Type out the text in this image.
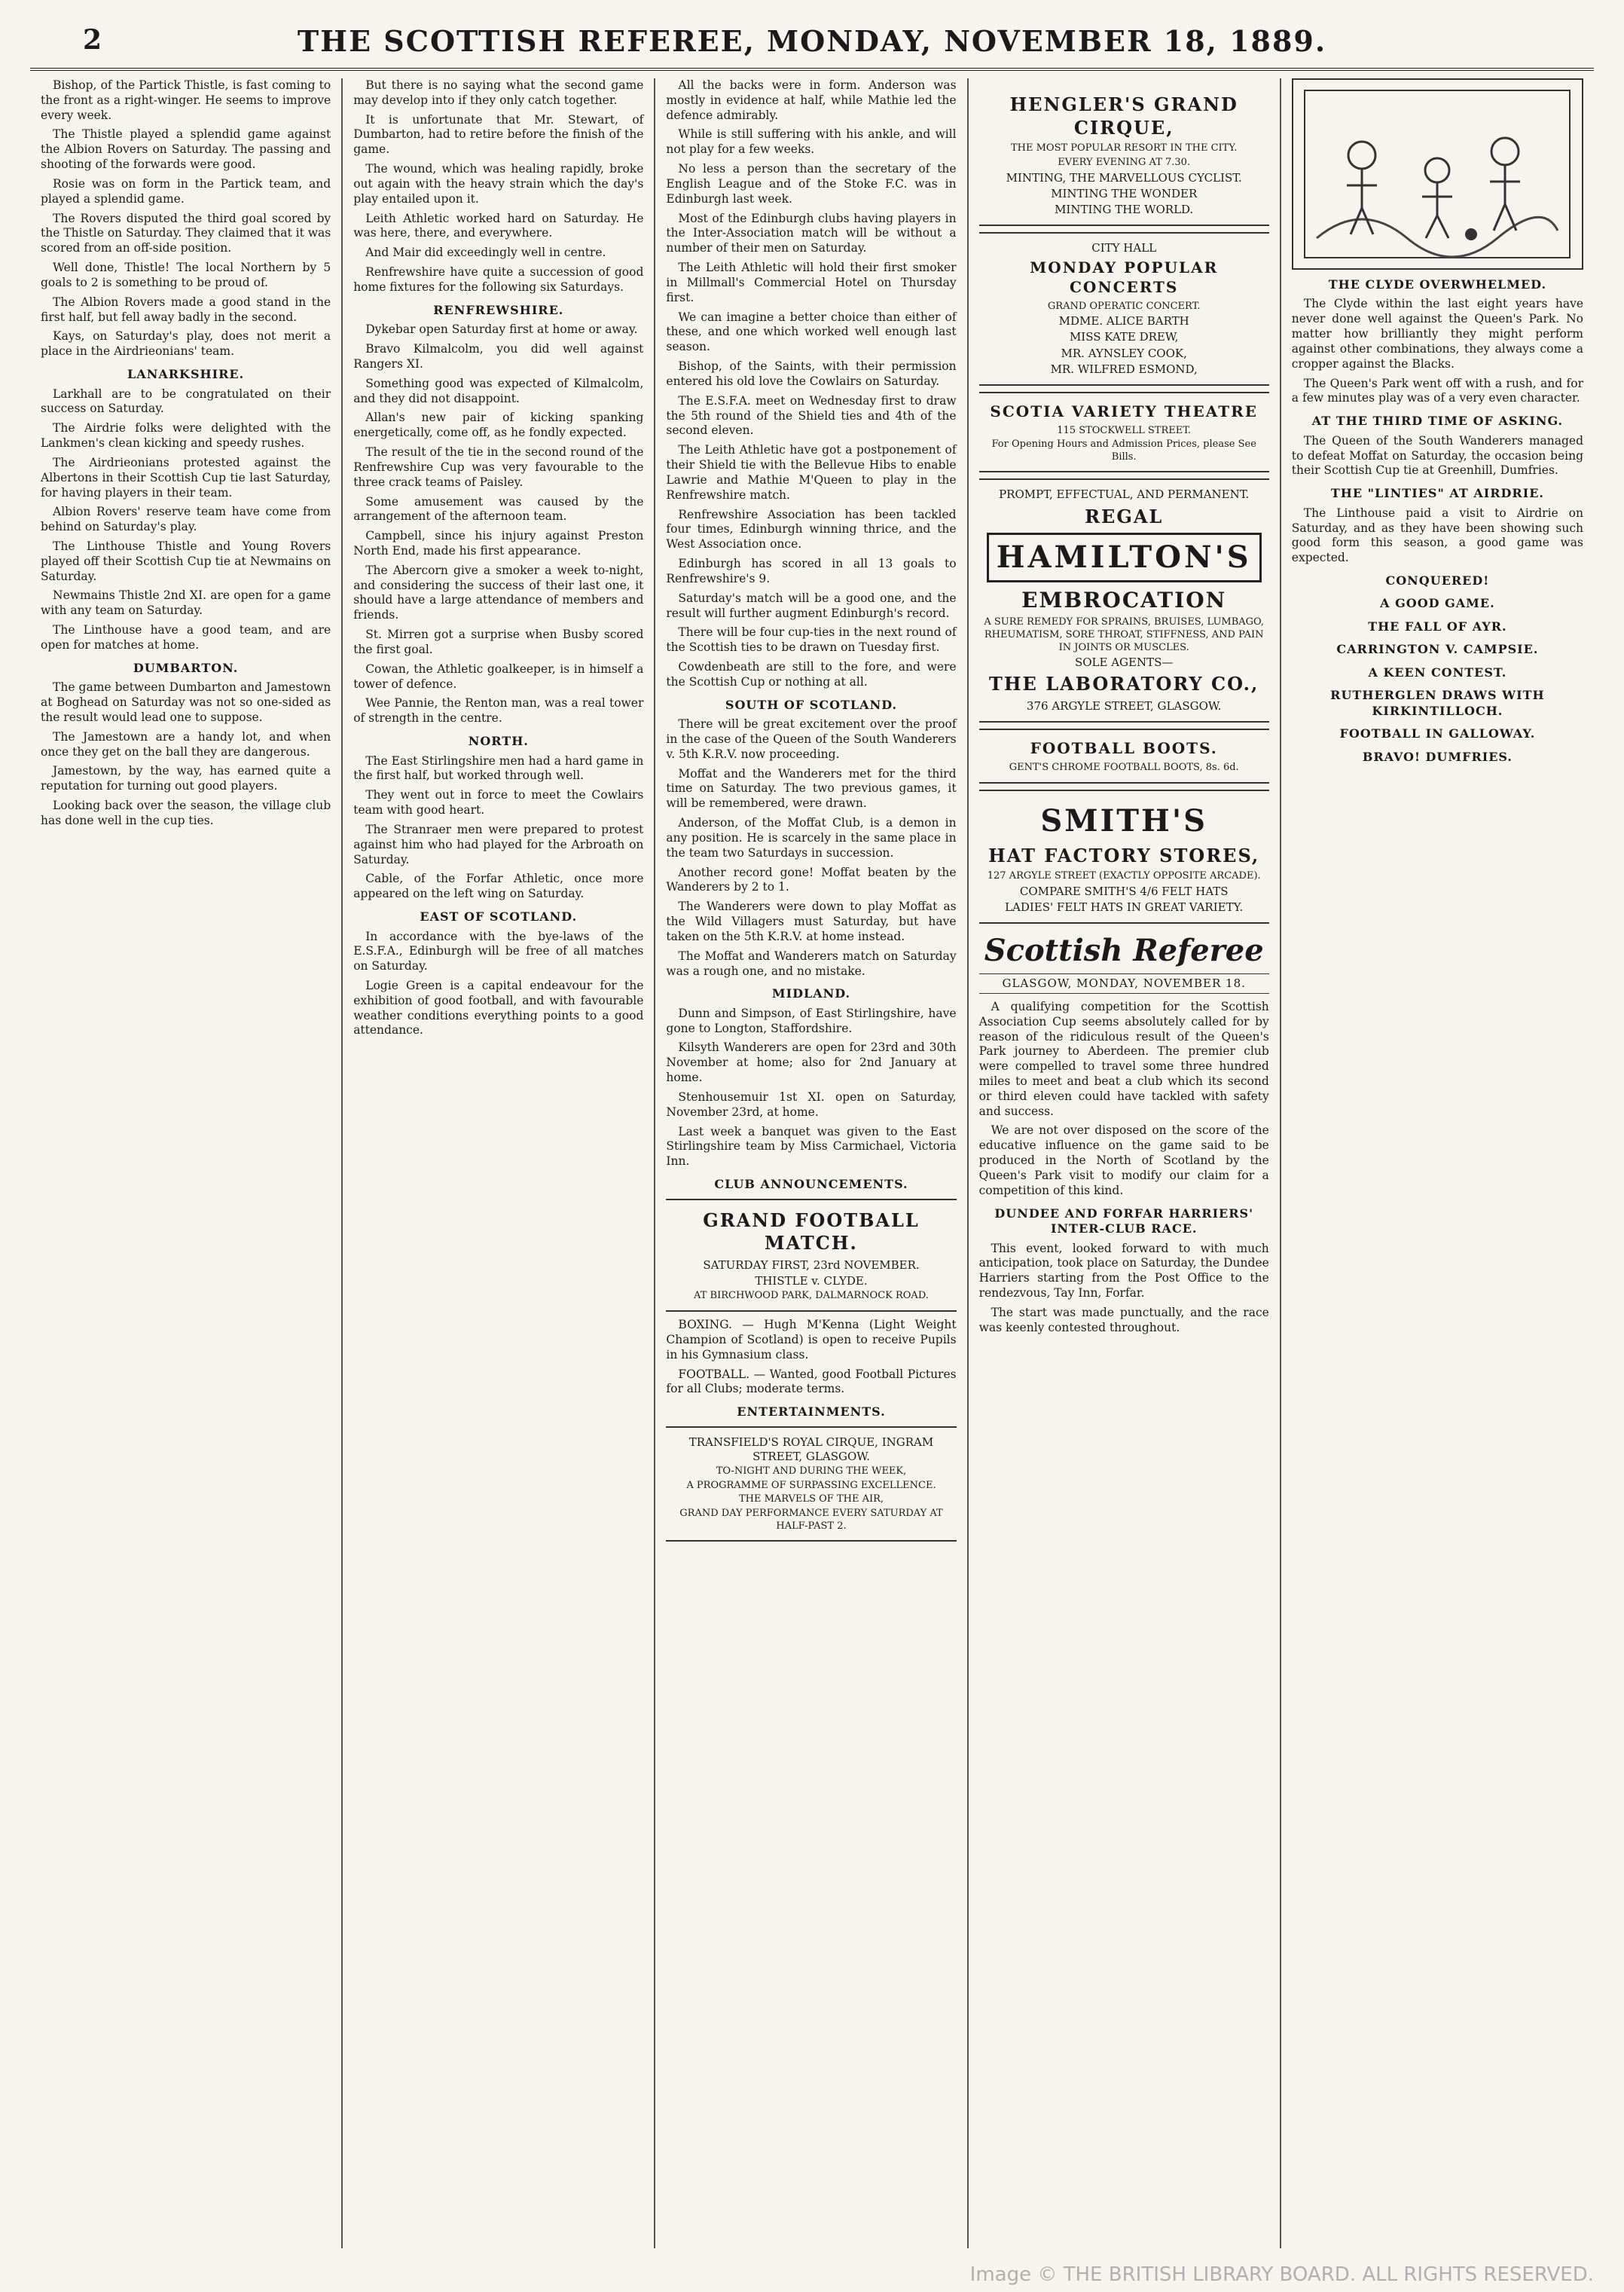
2	THE SCOTTISH REFEREE, MONDAY, NOVEMBER 18, 1889.

Bishop, of the Partick Thistle, is fast coming to the front as a right-winger. He seems to improve every week.

The Thistle played a splendid game against the Albion Rovers on Saturday. The passing and shooting of the forwards were good.

Rosie was on form in the Partick team, and played a splendid game.

The Rovers disputed the third goal scored by the Thistle on Saturday. They claimed that it was scored from an off-side position.

Well done, Thistle! The local Northern by 5 goals to 2 is something to be proud of.

The Albion Rovers made a good stand in the first half, but fell away badly in the second.

Kays, on Saturday's play, does not merit a place in the Airdrieonians' team.

LANARKSHIRE.

Larkhall are to be congratulated on their success on Saturday.

The Airdrie folks were delighted with the Lankmen's clean kicking and speedy rushes.

The Airdrieonians protested against the Albertons in their Scottish Cup tie last Saturday, for having players in their team.

Albion Rovers' reserve team have come from behind on Saturday's play.

The Linthouse Thistle and Young Rovers played off their Scottish Cup tie at Newmains on Saturday.

Newmains Thistle 2nd XI. are open for a game with any team on Saturday.

The Linthouse have a good team, and are open for matches at home.

DUMBARTON.

The game between Dumbarton and Jamestown at Boghead on Saturday was not so one-sided as the result would lead one to suppose.

The Jamestown are a handy lot, and when once they get on the ball they are dangerous.

Jamestown, by the way, has earned quite a reputation for turning out good players.

Looking back over the season, the village club has done well in the cup ties.

But there is no saying what the second game may develop into if they only catch together.

It is unfortunate that Mr. Stewart, of Dumbarton, had to retire before the finish of the game.

The wound, which was healing rapidly, broke out again with the heavy strain which the day's play entailed upon it.

Leith Athletic worked hard on Saturday. He was here, there, and everywhere.

And Mair did exceedingly well in centre.

Renfrewshire have quite a succession of good home fixtures for the following six Saturdays.

RENFREWSHIRE.

Dykebar open Saturday first at home or away.

Bravo Kilmalcolm, you did well against Rangers XI.

Something good was expected of Kilmalcolm, and they did not disappoint.

Allan's new pair of kicking spanking energetically, come off, as he fondly expected.

The result of the tie in the second round of the Renfrewshire Cup was very favourable to the three crack teams of Paisley.

Some amusement was caused by the arrangement of the afternoon team.

Campbell, since his injury against Preston North End, made his first appearance.

The Abercorn give a smoker a week to-night, and considering the success of their last one, it should have a large attendance of members and friends.

St. Mirren got a surprise when Busby scored the first goal.

Cowan, the Athletic goalkeeper, is in himself a tower of defence.

Wee Pannie, the Renton man, was a real tower of strength in the centre.

NORTH.

The East Stirlingshire men had a hard game in the first half, but worked through well.

They went out in force to meet the Cowlairs team with good heart.

The Stranraer men were prepared to protest against him who had played for the Arbroath on Saturday.

Cable, of the Forfar Athletic, once more appeared on the left wing on Saturday.

EAST OF SCOTLAND.

In accordance with the bye-laws of the E.S.F.A., Edinburgh will be free of all matches on Saturday.

Logie Green is a capital endeavour for the exhibition of good football, and with favourable weather conditions everything points to a good attendance.

All the backs were in form. Anderson was mostly in evidence at half, while Mathie led the defence admirably.

While is still suffering with his ankle, and will not play for a few weeks.

No less a person than the secretary of the English League and of the Stoke F.C. was in Edinburgh last week.

Most of the Edinburgh clubs having players in the Inter-Association match will be without a number of their men on Saturday.

The Leith Athletic will hold their first smoker in Millmall's Commercial Hotel on Thursday first.

We can imagine a better choice than either of these, and one which worked well enough last season.

Bishop, of the Saints, with their permission entered his old love the Cowlairs on Saturday.

The E.S.F.A. meet on Wednesday first to draw the 5th round of the Shield ties and 4th of the second eleven.

The Leith Athletic have got a postponement of their Shield tie with the Bellevue Hibs to enable Lawrie and Mathie M'Queen to play in the Renfrewshire match.

Renfrewshire Association has been tackled four times, Edinburgh winning thrice, and the West Association once.

Edinburgh has scored in all 13 goals to Renfrewshire's 9.

Saturday's match will be a good one, and the result will further augment Edinburgh's record.

There will be four cup-ties in the next round of the Scottish ties to be drawn on Tuesday first.

Cowdenbeath are still to the fore, and were the Scottish Cup or nothing at all.

SOUTH OF SCOTLAND.

There will be great excitement over the proof in the case of the Queen of the South Wanderers v. 5th K.R.V. now proceeding.

Moffat and the Wanderers met for the third time on Saturday. The two previous games, it will be remembered, were drawn.

Anderson, of the Moffat Club, is a demon in any position. He is scarcely in the same place in the team two Saturdays in succession.

Another record gone! Moffat beaten by the Wanderers by 2 to 1.

The Wanderers were down to play Moffat as the Wild Villagers must Saturday, but have taken on the 5th K.R.V. at home instead.

The Moffat and Wanderers match on Saturday was a rough one, and no mistake.

MIDLAND.

Dunn and Simpson, of East Stirlingshire, have gone to Longton, Staffordshire.

Kilsyth Wanderers are open for 23rd and 30th November at home; also for 2nd January at home.

Stenhousemuir 1st XI. open on Saturday, November 23rd, at home.

Last week a banquet was given to the East Stirlingshire team by Miss Carmichael, Victoria Inn.

CLUB ANNOUNCEMENTS.
GRAND FOOTBALL MATCH.
SATURDAY FIRST, 23rd NOVEMBER.
THISTLE v. CLYDE.
AT BIRCHWOOD PARK, DALMARNOCK ROAD.

BOXING. — Hugh M'Kenna (Light Weight Champion of Scotland) is open to receive Pupils in his Gymnasium class.

FOOTBALL. — Wanted, good Football Pictures for all Clubs; moderate terms.

ENTERTAINMENTS.
TRANSFIELD'S ROYAL CIRQUE, INGRAM STREET, GLASGOW.
TO-NIGHT AND DURING THE WEEK,
A PROGRAMME OF SURPASSING EXCELLENCE.
THE MARVELS OF THE AIR,
GRAND DAY PERFORMANCE EVERY SATURDAY AT HALF-PAST 2.
HENGLER'S GRAND CIRQUE,
THE MOST POPULAR RESORT IN THE CITY.
EVERY EVENING AT 7.30.
MINTING, THE MARVELLOUS CYCLIST.
MINTING THE WONDER
MINTING THE WORLD.
CITY HALL
MONDAY POPULAR CONCERTS
GRAND OPERATIC CONCERT.
MDME. ALICE BARTH
MISS KATE DREW,
MR. AYNSLEY COOK,
MR. WILFRED ESMOND,
SCOTIA VARIETY THEATRE
115 STOCKWELL STREET.
For Opening Hours and Admission Prices, please See Bills.
PROMPT, EFFECTUAL, AND PERMANENT.
REGAL
HAMILTON'S
EMBROCATION
A SURE REMEDY FOR SPRAINS, BRUISES, LUMBAGO, RHEUMATISM, SORE THROAT, STIFFNESS, AND PAIN IN JOINTS OR MUSCLES.
SOLE AGENTS—
THE LABORATORY CO.,
376 ARGYLE STREET, GLASGOW.
FOOTBALL BOOTS.
GENT'S CHROME FOOTBALL BOOTS, 8s. 6d.
SMITH'S
HAT FACTORY STORES,
127 ARGYLE STREET (EXACTLY OPPOSITE ARCADE).
COMPARE SMITH'S 4/6 FELT HATS
LADIES' FELT HATS IN GREAT VARIETY.
Scottish Referee
GLASGOW, MONDAY, NOVEMBER 18.

A qualifying competition for the Scottish Association Cup seems absolutely called for by reason of the ridiculous result of the Queen's Park journey to Aberdeen. The premier club were compelled to travel some three hundred miles to meet and beat a club which its second or third eleven could have tackled with safety and success.

We are not over disposed on the score of the educative influence on the game said to be produced in the North of Scotland by the Queen's Park visit to modify our claim for a competition of this kind.

DUNDEE AND FORFAR HARRIERS' INTER-CLUB RACE.

This event, looked forward to with much anticipation, took place on Saturday, the Dundee Harriers starting from the Post Office to the rendezvous, Tay Inn, Forfar.

The start was made punctually, and the race was keenly contested throughout.

THE CLYDE OVERWHELMED.

The Clyde within the last eight years have never done well against the Queen's Park. No matter how brilliantly they might perform against other combinations, they always come a cropper against the Blacks.

The Queen's Park went off with a rush, and for a few minutes play was of a very even character.

AT THE THIRD TIME OF ASKING.

The Queen of the South Wanderers managed to defeat Moffat on Saturday, the occasion being their Scottish Cup tie at Greenhill, Dumfries.

THE "LINTIES" AT AIRDRIE.

The Linthouse paid a visit to Airdrie on Saturday, and as they have been showing such good form this season, a good game was expected.

CONQUERED!
A GOOD GAME.
THE FALL OF AYR.
CARRINGTON V. CAMPSIE.
A KEEN CONTEST.
RUTHERGLEN DRAWS WITH KIRKINTILLOCH.
FOOTBALL IN GALLOWAY.
BRAVO! DUMFRIES.

Image © THE BRITISH LIBRARY BOARD. ALL RIGHTS RESERVED.
